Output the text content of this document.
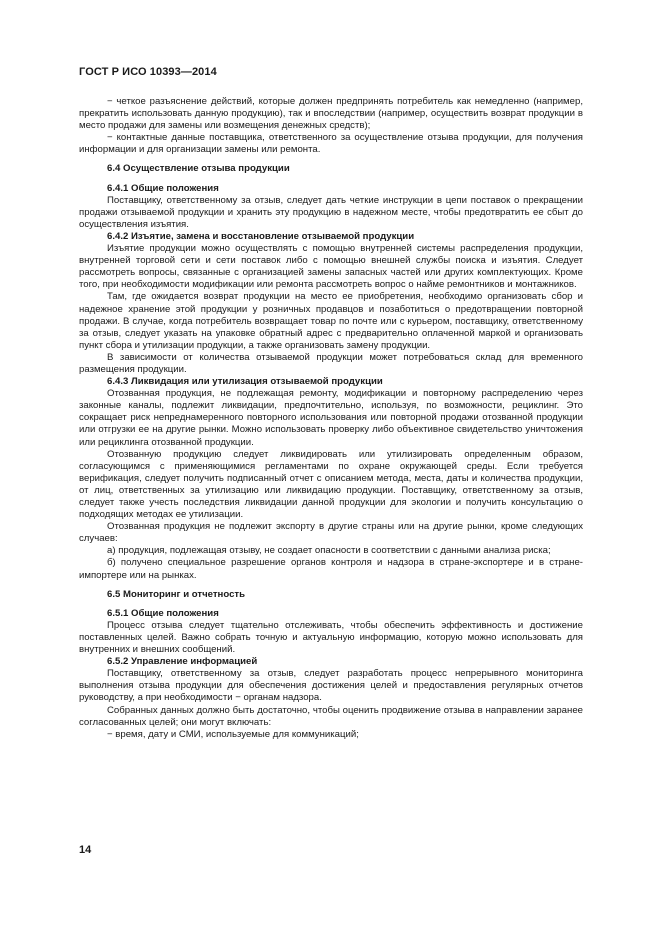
ГОСТ Р ИСО 10393—2014

− четкое разъяснение действий, которые должен предпринять потребитель как немедленно (например, прекратить использовать данную продукцию), так и впоследствии (например, осуществить возврат продукции в место продажи для замены или возмещения денежных средств);

− контактные данные поставщика, ответственного за осуществление отзыва продукции, для получения информации и для организации замены или ремонта.

6.4 Осуществление отзыва продукции
6.4.1 Общие положения

Поставщику, ответственному за отзыв, следует дать четкие инструкции в цепи поставок о прекращении продажи отзываемой продукции и хранить эту продукцию в надежном месте, чтобы предотвратить ее сбыт до осуществления изъятия.

6.4.2 Изъятие, замена и восстановление отзываемой продукции

Изъятие продукции можно осуществлять с помощью внутренней системы распределения продукции, внутренней торговой сети и сети поставок либо с помощью внешней службы поиска и изъятия. Следует рассмотреть вопросы, связанные с организацией замены запасных частей или других комплектующих. Кроме того, при необходимости модификации или ремонта рассмотреть вопрос о найме ремонтников и монтажников.

Там, где ожидается возврат продукции на место ее приобретения, необходимо организовать сбор и надежное хранение этой продукции у розничных продавцов и позаботиться о предотвращении повторной продажи. В случае, когда потребитель возвращает товар по почте или с курьером, поставщику, ответственному за отзыв, следует указать на упаковке обратный адрес с предварительно оплаченной маркой и организовать пункт сбора и утилизации продукции, а также организовать замену продукции.

В зависимости от количества отзываемой продукции может потребоваться склад для временного размещения продукции.

6.4.3 Ликвидация или утилизация отзываемой продукции

Отозванная продукция, не подлежащая ремонту, модификации и повторному распределению через законные каналы, подлежит ликвидации, предпочтительно, используя, по возможности, рециклинг. Это сокращает риск непреднамеренного повторного использования или повторной продажи отозванной продукции или отгрузки ее на другие рынки. Можно использовать проверку либо объективное свидетельство уничтожения или рециклинга отозванной продукции.

Отозванную продукцию следует ликвидировать или утилизировать определенным образом, согласующимся с применяющимися регламентами по охране окружающей среды. Если требуется верификация, следует получить подписанный отчет с описанием метода, места, даты и количества продукции, от лиц, ответственных за утилизацию или ликвидацию продукции. Поставщику, ответственному за отзыв, следует также учесть последствия ликвидации данной продукции для экологии и получить консультацию о подходящих методах ее утилизации.

Отозванная продукция не подлежит экспорту в другие страны или на другие рынки, кроме следующих случаев:

а) продукция, подлежащая отзыву, не создает опасности в соответствии с данными анализа риска;

б) получено специальное разрешение органов контроля и надзора в стране-экспортере и в стране-импортере или на рынках.

6.5 Мониторинг и отчетность
6.5.1 Общие положения

Процесс отзыва следует тщательно отслеживать, чтобы обеспечить эффективность и достижение поставленных целей. Важно собрать точную и актуальную информацию, которую можно использовать для внутренних и внешних сообщений.

6.5.2 Управление информацией

Поставщику, ответственному за отзыв, следует разработать процесс непрерывного мониторинга выполнения отзыва продукции для обеспечения достижения целей и предоставления регулярных отчетов руководству, а при необходимости − органам надзора.

Собранных данных должно быть достаточно, чтобы оценить продвижение отзыва в направлении заранее согласованных целей; они могут включать:

− время, дату и СМИ, используемые для коммуникаций;

14
